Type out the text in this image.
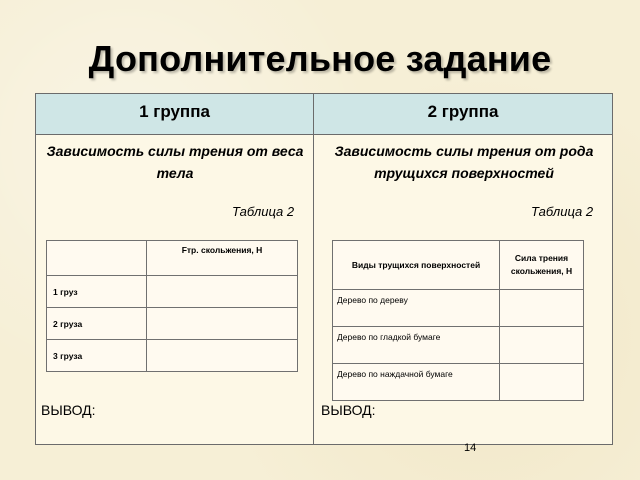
Дополнительное задание
1 группа	2 группа
Зависимость силы трения от веса тела
Таблица 2
	Fтр. скольжения, Н
1 груз	
2 груза	
3 груза	
ВЫВОД:
Зависимость силы трения от рода трущихся поверхностей
Таблица 2
Виды трущихся поверхностей	Сила трения скольжения, Н
Дерево по дереву	
Дерево по гладкой бумаге	
Дерево по наждачной бумаге	
ВЫВОД:
14
